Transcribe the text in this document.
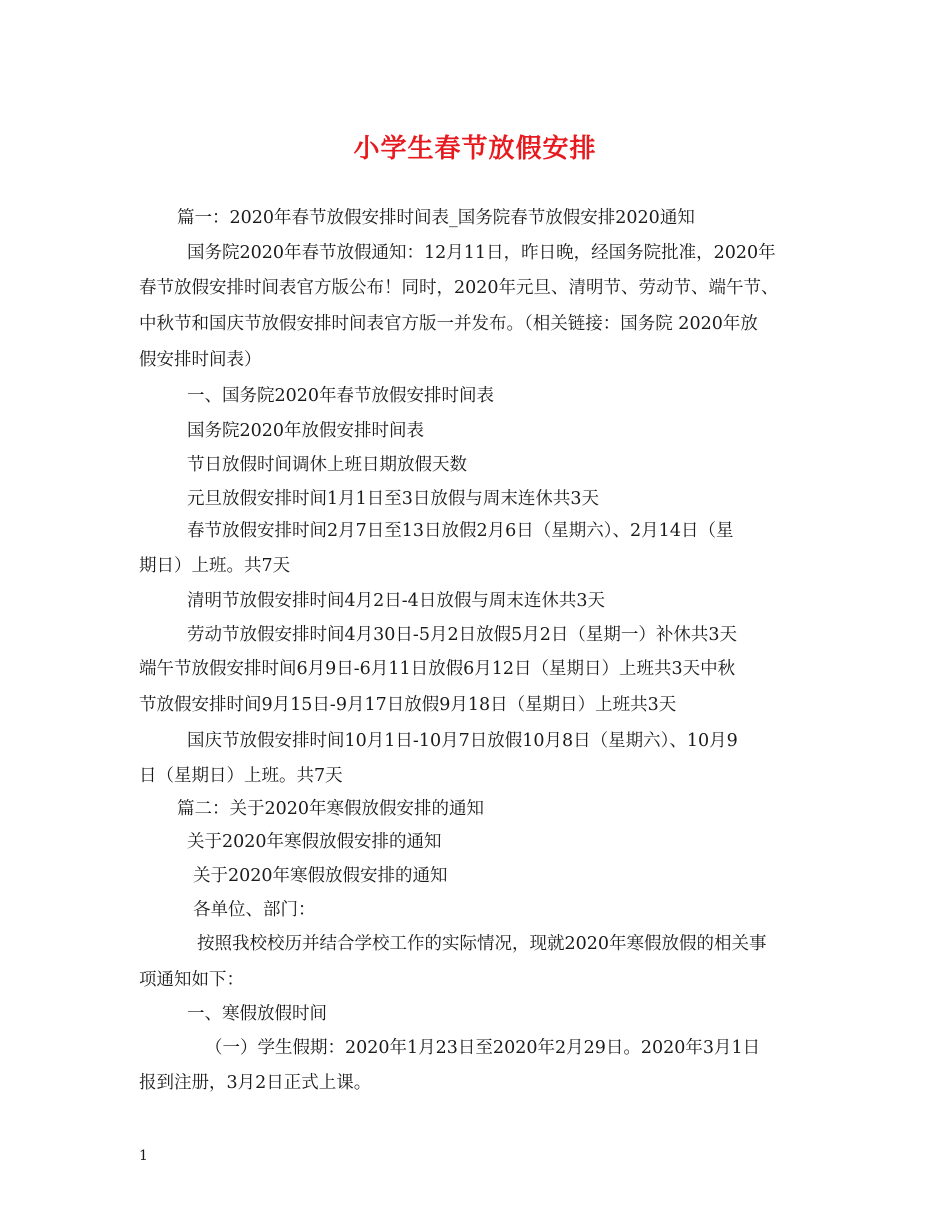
小学生春节放假安排
篇一：2020年春节放假安排时间表_国务院春节放假安排2020通知
国务院2020年春节放假通知：12月11日，昨日晚，经国务院批准，2020年
春节放假安排时间表官方版公布！同时，2020年元旦、清明节、劳动节、端午节、
中秋节和国庆节放假安排时间表官方版一并发布。（相关链接：国务院 2020年放
假安排时间表）
一、国务院2020年春节放假安排时间表
国务院2020年放假安排时间表
节日放假时间调休上班日期放假天数
元旦放假安排时间1月1日至3日放假与周末连休共3天
春节放假安排时间2月7日至13日放假2月6日（星期六）、2月14日（星
期日）上班。共7天
清明节放假安排时间4月2日-4日放假与周末连休共3天
劳动节放假安排时间4月30日-5月2日放假5月2日（星期一）补休共3天
端午节放假安排时间6月9日-6月11日放假6月12日（星期日）上班共3天中秋
节放假安排时间9月15日-9月17日放假9月18日（星期日）上班共3天
国庆节放假安排时间10月1日-10月7日放假10月8日（星期六）、10月9
日（星期日）上班。共7天
篇二：关于2020年寒假放假安排的通知
关于2020年寒假放假安排的通知
关于2020年寒假放假安排的通知
各单位、部门：
按照我校校历并结合学校工作的实际情况，现就2020年寒假放假的相关事
项通知如下：
一、寒假放假时间
（一）学生假期：2020年1月23日至2020年2月29日。2020年3月1日
报到注册，3月2日正式上课。
1
